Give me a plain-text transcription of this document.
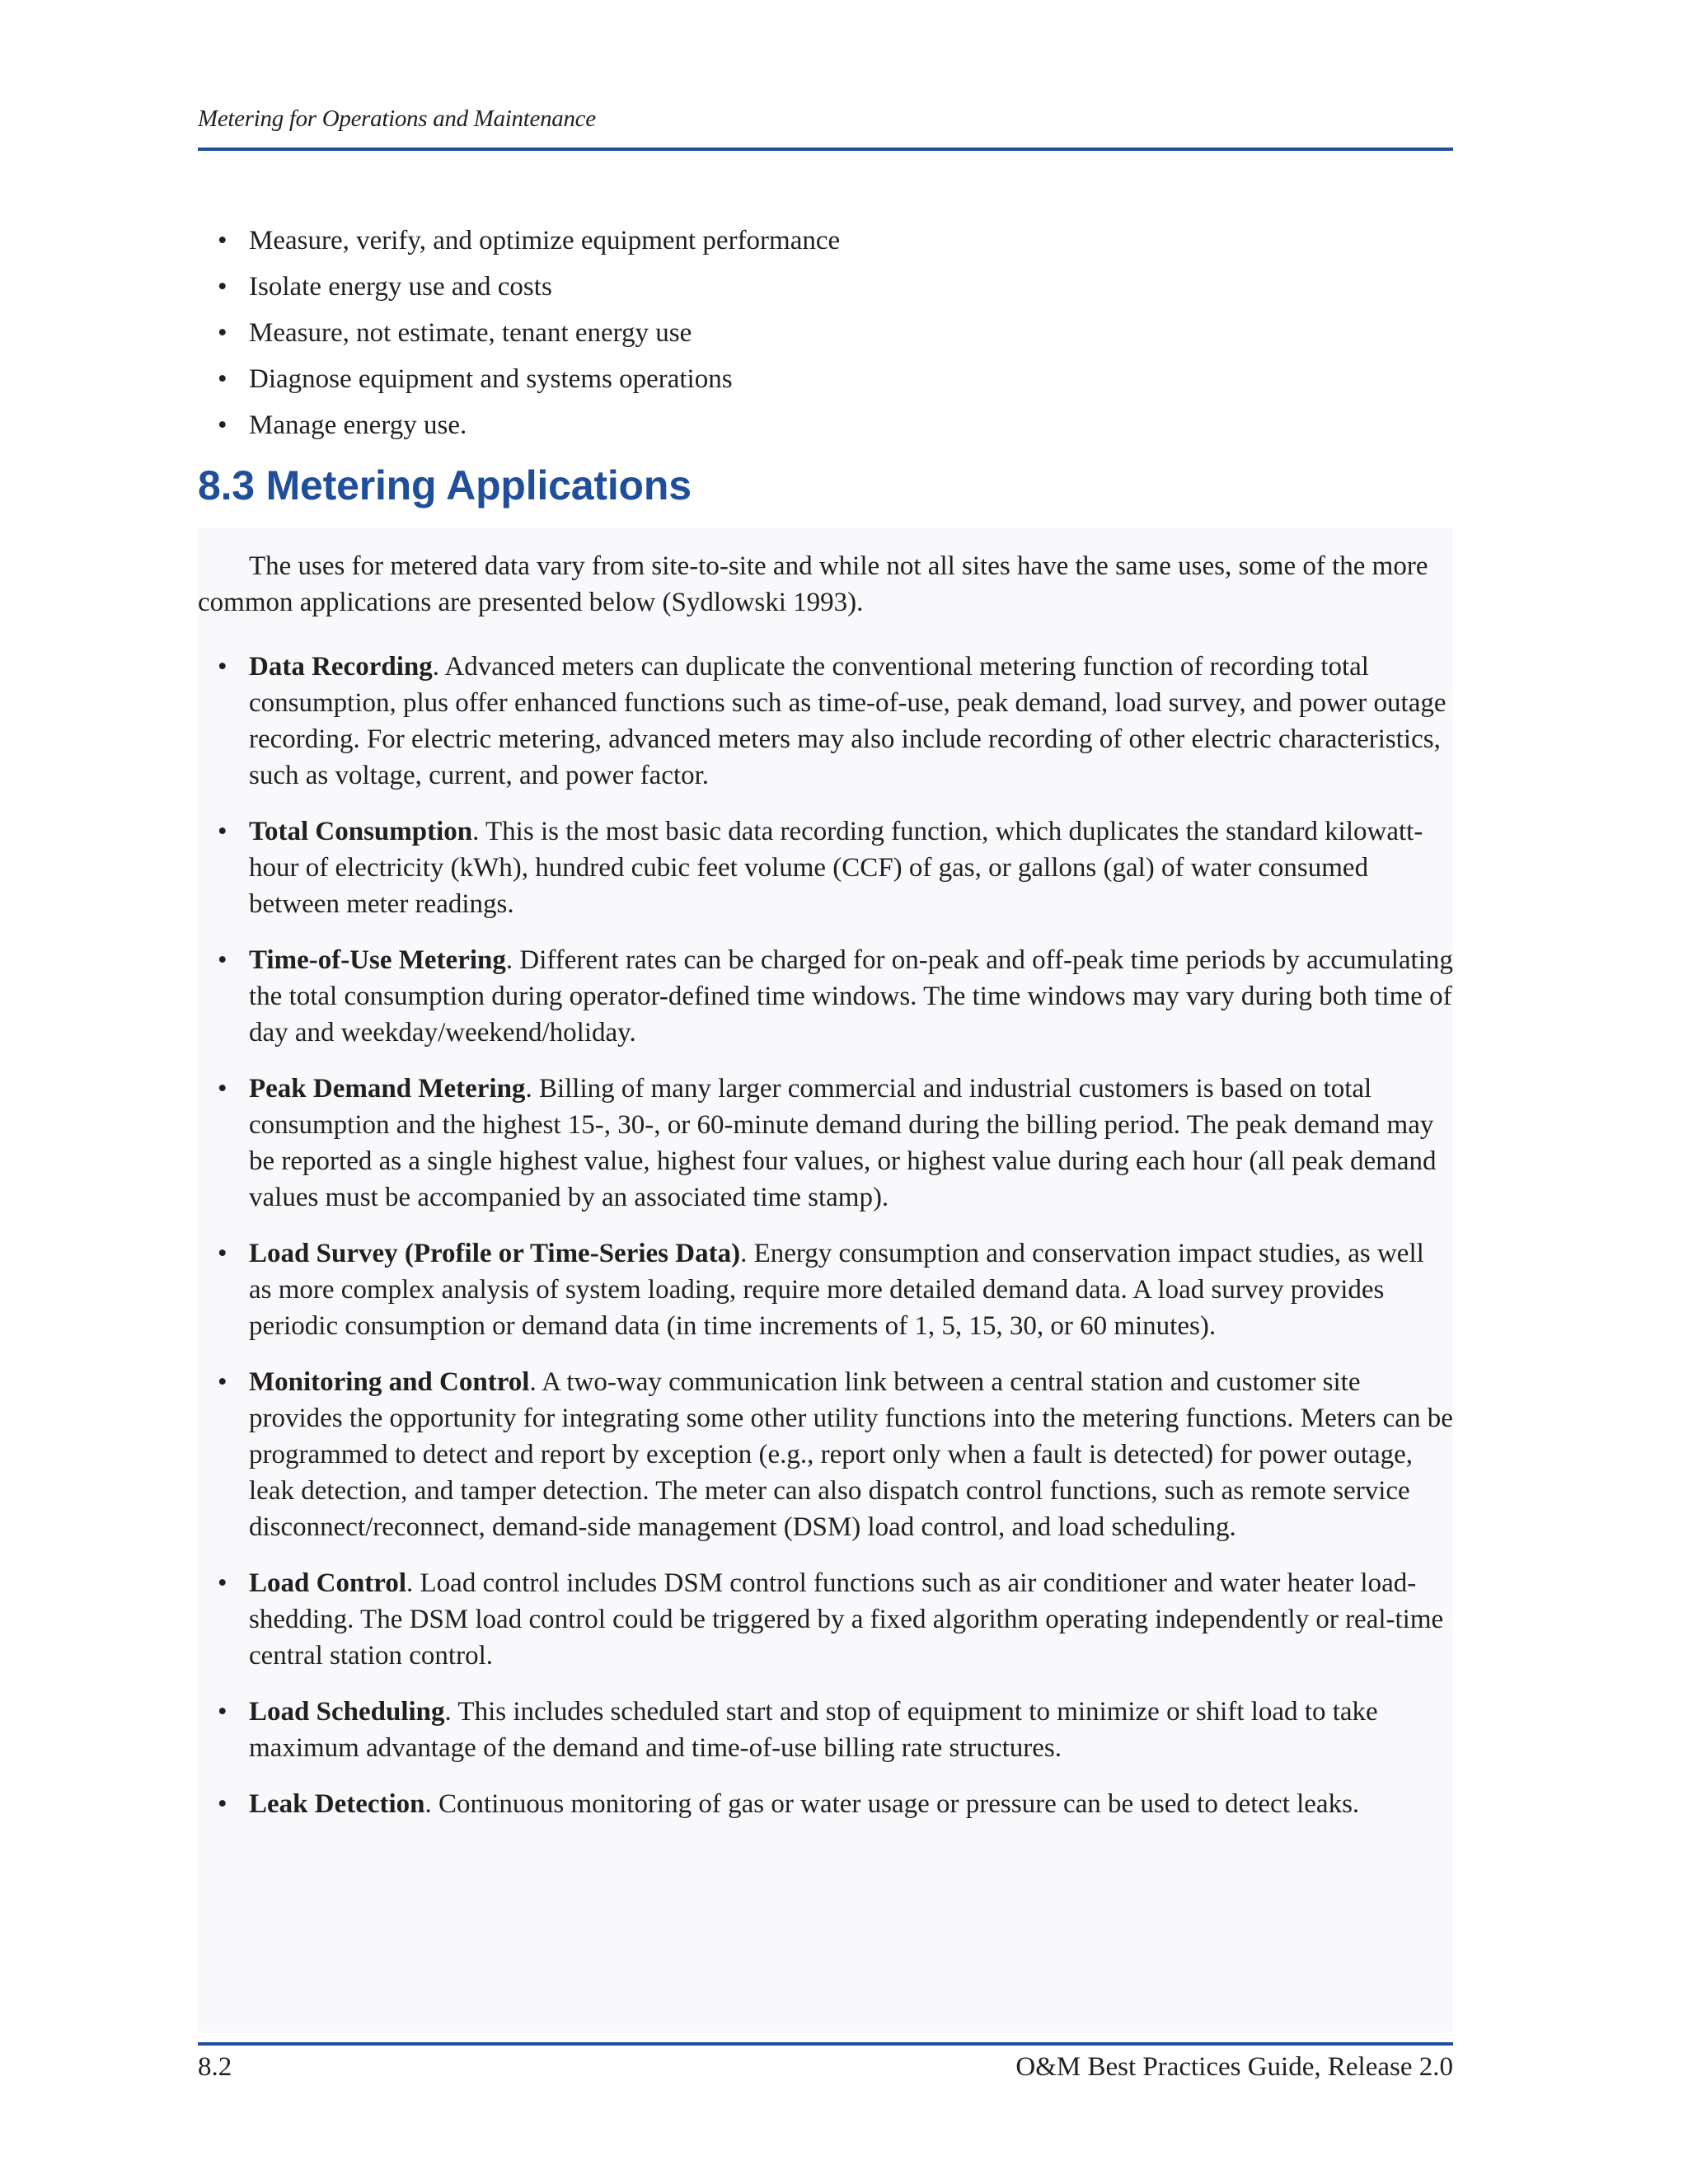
Metering for Operations and Maintenance
• Measure, verify, and optimize equipment performance
• Isolate energy use and costs
• Measure, not estimate, tenant energy use
• Diagnose equipment and systems operations
• Manage energy use.
8.3 Metering Applications

The uses for metered data vary from site-to-site and while not all sites have the same uses, some of the more common applications are presented below (Sydlowski 1993).

• Data Recording. Advanced meters can duplicate the conventional metering function of recording total consumption, plus offer enhanced functions such as time-of-use, peak demand, load survey, and power outage recording. For electric metering, advanced meters may also include recording of other electric characteristics, such as voltage, current, and power factor.
• Total Consumption. This is the most basic data recording function, which duplicates the standard kilowatt-hour of electricity (kWh), hundred cubic feet volume (CCF) of gas, or gallons (gal) of water consumed between meter readings.
• Time-of-Use Metering. Different rates can be charged for on-peak and off-peak time periods by accumulating the total consumption during operator-defined time windows. The time windows may vary during both time of day and weekday/weekend/holiday.
• Peak Demand Metering. Billing of many larger commercial and industrial customers is based on total consumption and the highest 15-, 30-, or 60-minute demand during the billing period. The peak demand may be reported as a single highest value, highest four values, or highest value during each hour (all peak demand values must be accompanied by an associated time stamp).
• Load Survey (Profile or Time-Series Data). Energy consumption and conservation impact studies, as well as more complex analysis of system loading, require more detailed demand data. A load survey provides periodic consumption or demand data (in time increments of 1, 5, 15, 30, or 60 minutes).
• Monitoring and Control. A two-way communication link between a central station and customer site provides the opportunity for integrating some other utility functions into the metering functions. Meters can be programmed to detect and report by exception (e.g., report only when a fault is detected) for power outage, leak detection, and tamper detection. The meter can also dispatch control functions, such as remote service disconnect/reconnect, demand-side management (DSM) load control, and load scheduling.
• Load Control. Load control includes DSM control functions such as air conditioner and water heater load-shedding. The DSM load control could be triggered by a fixed algorithm operating independently or real-time central station control.
• Load Scheduling. This includes scheduled start and stop of equipment to minimize or shift load to take maximum advantage of the demand and time-of-use billing rate structures.
• Leak Detection. Continuous monitoring of gas or water usage or pressure can be used to detect leaks.
8.2	O&M Best Practices Guide, Release 2.0
